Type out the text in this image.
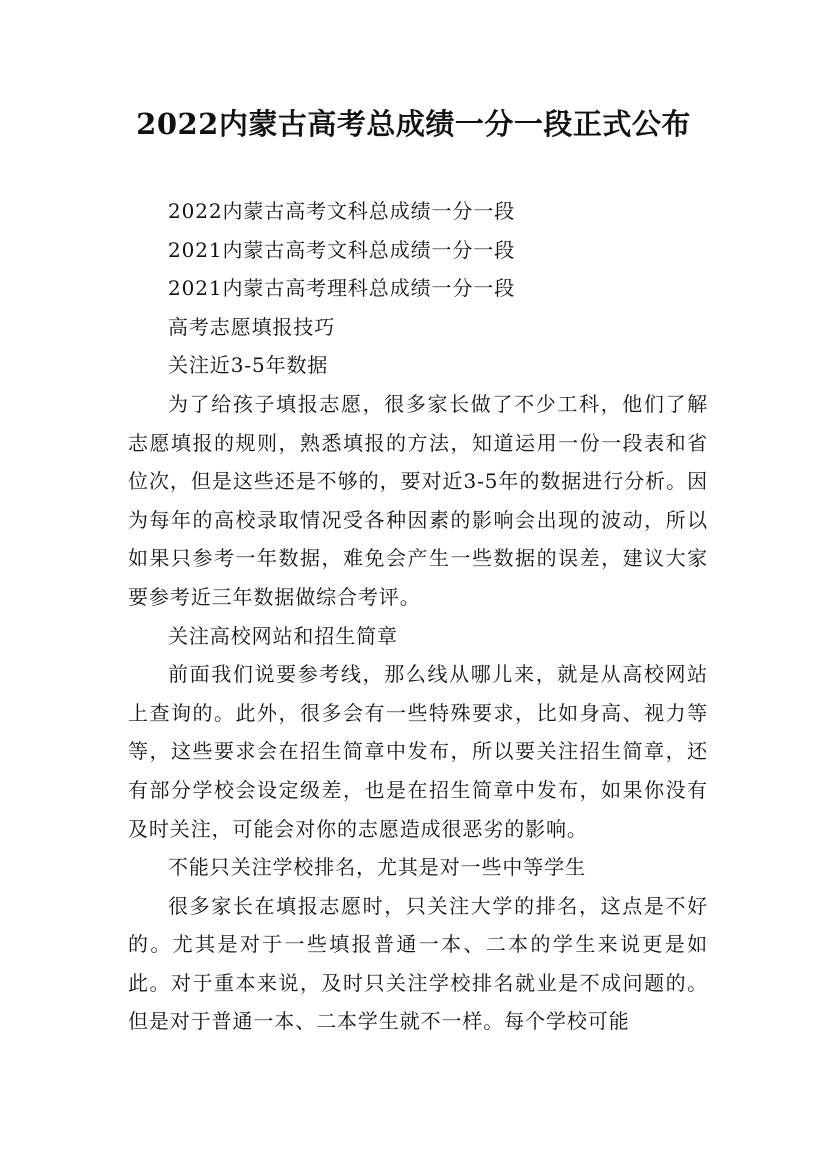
2022内蒙古高考总成绩一分一段正式公布

2022内蒙古高考文科总成绩一分一段

2021内蒙古高考文科总成绩一分一段

2021内蒙古高考理科总成绩一分一段

高考志愿填报技巧

关注近3-5年数据

为了给孩子填报志愿，很多家长做了不少工科，他们了解志愿填报的规则，熟悉填报的方法，知道运用一份一段表和省位次，但是这些还是不够的，要对近3-5年的数据进行分析。因为每年的高校录取情况受各种因素的影响会出现的波动，所以如果只参考一年数据，难免会产生一些数据的误差，建议大家要参考近三年数据做综合考评。

关注高校网站和招生简章

前面我们说要参考线，那么线从哪儿来，就是从高校网站上查询的。此外，很多会有一些特殊要求，比如身高、视力等等，这些要求会在招生简章中发布，所以要关注招生简章，还有部分学校会设定级差，也是在招生简章中发布，如果你没有及时关注，可能会对你的志愿造成很恶劣的影响。

不能只关注学校排名，尤其是对一些中等学生

很多家长在填报志愿时，只关注大学的排名，这点是不好的。尤其是对于一些填报普通一本、二本的学生来说更是如此。对于重本来说，及时只关注学校排名就业是不成问题的。但是对于普通一本、二本学生就不一样。每个学校可能
